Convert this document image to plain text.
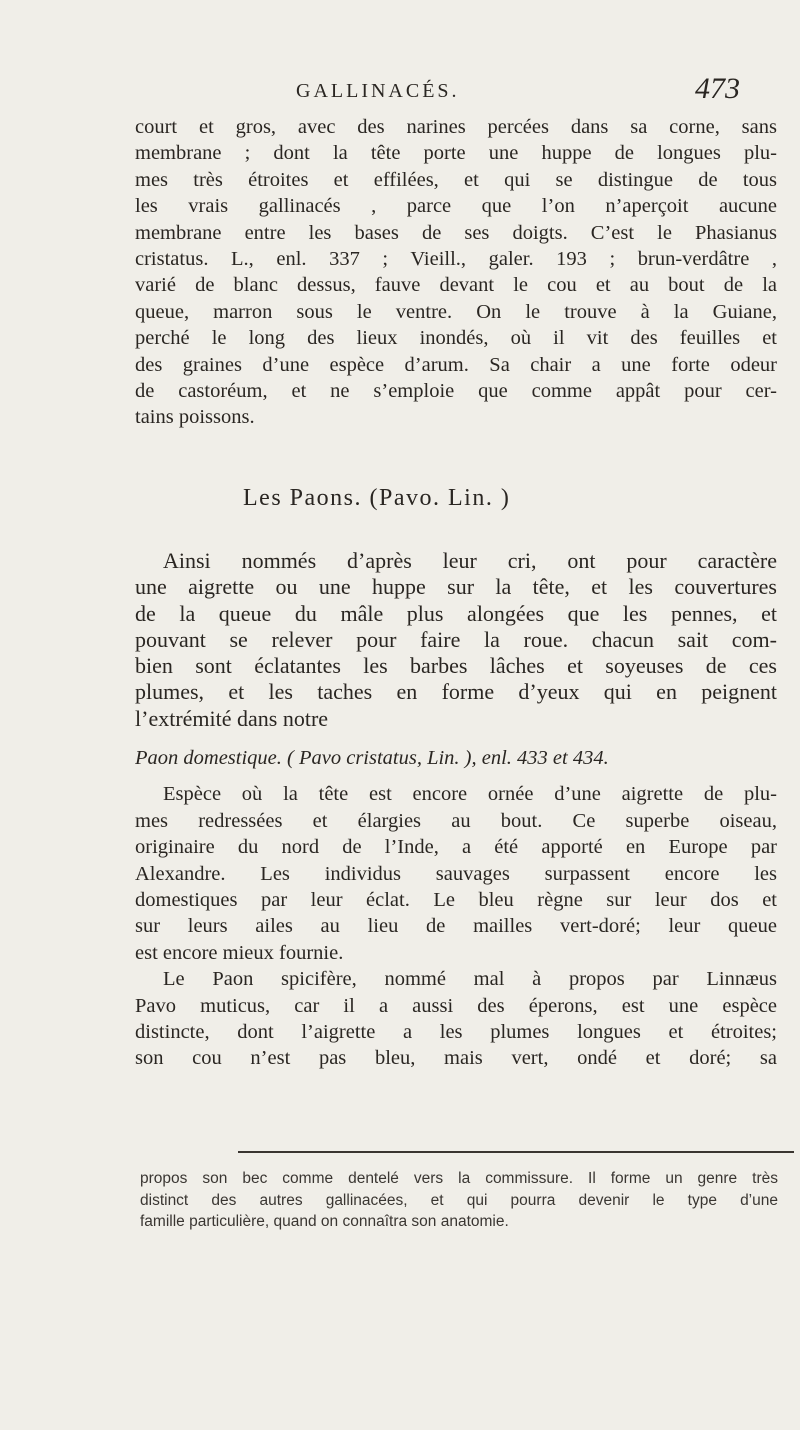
GALLINACÉS.	473
court et gros, avec des narines percées dans sa corne, sans
membrane ; dont la tête porte une huppe de longues plu-
mes très étroites et effilées, et qui se distingue de tous
les vrais gallinacés , parce que l’on n’aperçoit aucune
membrane entre les bases de ses doigts. C’est le Phasianus
cristatus. L., enl. 337 ; Vieill., galer. 193 ; brun-verdâtre ,
varié de blanc dessus, fauve devant le cou et au bout de la
queue, marron sous le ventre. On le trouve à la Guiane,
perché le long des lieux inondés, où il vit des feuilles et
des graines d’une espèce d’arum. Sa chair a une forte odeur
de castoréum, et ne s’emploie que comme appât pour cer-
tains poissons.
Les Paons. (Pavo. Lin. )
Ainsi nommés d’après leur cri, ont pour caractère
une aigrette ou une huppe sur la tête, et les couvertures
de la queue du mâle plus alongées que les pennes, et
pouvant se relever pour faire la roue. chacun sait com-
bien sont éclatantes les barbes lâches et soyeuses de ces
plumes, et les taches en forme d’yeux qui en peignent
l’extrémité dans notre
Paon domestique. ( Pavo cristatus, Lin. ), enl. 433 et 434.
Espèce où la tête est encore ornée d’une aigrette de plu-
mes redressées et élargies au bout. Ce superbe oiseau,
originaire du nord de l’Inde, a été apporté en Europe par
Alexandre. Les individus sauvages surpassent encore les
domestiques par leur éclat. Le bleu règne sur leur dos et
sur leurs ailes au lieu de mailles vert-doré; leur queue
est encore mieux fournie.
Le Paon spicifère, nommé mal à propos par Linnæus
Pavo muticus, car il a aussi des éperons, est une espèce
distincte, dont l’aigrette a les plumes longues et étroites;
son cou n’est pas bleu, mais vert, ondé et doré; sa
propos son bec comme dentelé vers la commissure. Il forme un genre très
distinct des autres gallinacées, et qui pourra devenir le type d’une
famille particulière, quand on connaîtra son anatomie.
